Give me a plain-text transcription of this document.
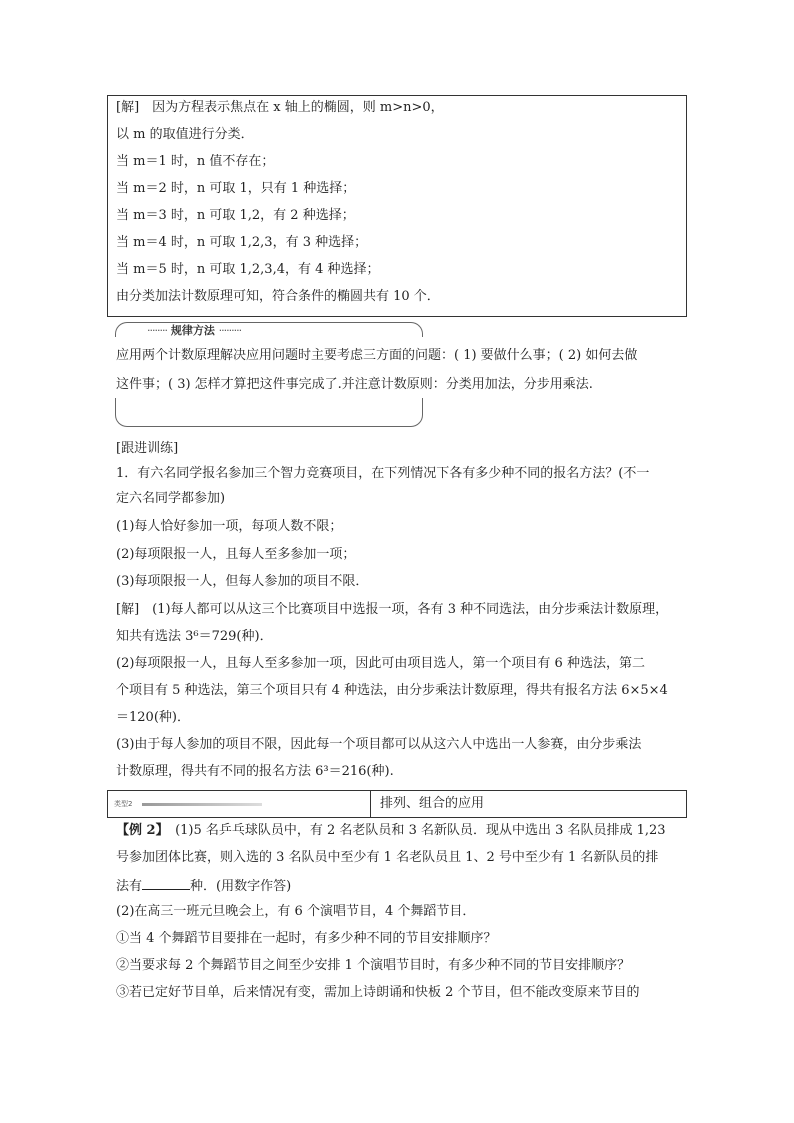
[解]　因为方程表示焦点在 x 轴上的椭圆，则 m>n>0，
以 m 的取值进行分类．
当 m＝1 时，n 值不存在；
当 m＝2 时，n 可取 1，只有 1 种选择；
当 m＝3 时，n 可取 1,2，有 2 种选择；
当 m＝4 时，n 可取 1,2,3，有 3 种选择；
当 m＝5 时，n 可取 1,2,3,4，有 4 种选择；
由分类加法计数原理可知，符合条件的椭圆共有 10 个．
········ 规律方法 ·········
应用两个计数原理解决应用问题时主要考虑三方面的问题：( 1) 要做什么事；( 2) 如何去做
这件事；( 3) 怎样才算把这件事完成了.并注意计数原则：分类用加法，分步用乘法.
[跟进训练]
1．有六名同学报名参加三个智力竞赛项目，在下列情况下各有多少种不同的报名方法？(不一
定六名同学都参加)
(1)每人恰好参加一项，每项人数不限；
(2)每项限报一人，且每人至多参加一项；
(3)每项限报一人，但每人参加的项目不限．
[解]　(1)每人都可以从这三个比赛项目中选报一项，各有 3 种不同选法，由分步乘法计数原理，
知共有选法 3⁶＝729(种)．
(2)每项限报一人，且每人至多参加一项，因此可由项目选人，第一个项目有 6 种选法，第二
个项目有 5 种选法，第三个项目只有 4 种选法，由分步乘法计数原理，得共有报名方法 6×5×4
＝120(种)．
(3)由于每人参加的项目不限，因此每一个项目都可以从这六人中选出一人参赛，由分步乘法
计数原理，得共有不同的报名方法 6³＝216(种).
类型2	排列、组合的应用
【例 2】　(1)5 名乒乓球队员中，有 2 名老队员和 3 名新队员．现从中选出 3 名队员排成 1,23
号参加团体比赛，则入选的 3 名队员中至少有 1 名老队员且 1、2 号中至少有 1 名新队员的排
法有	种．(用数字作答)
(2)在高三一班元旦晚会上，有 6 个演唱节目，4 个舞蹈节目．
①当 4 个舞蹈节目要排在一起时，有多少种不同的节目安排顺序？
②当要求每 2 个舞蹈节目之间至少安排 1 个演唱节目时，有多少种不同的节目安排顺序？
③若已定好节目单，后来情况有变，需加上诗朗诵和快板 2 个节目，但不能改变原来节目的
